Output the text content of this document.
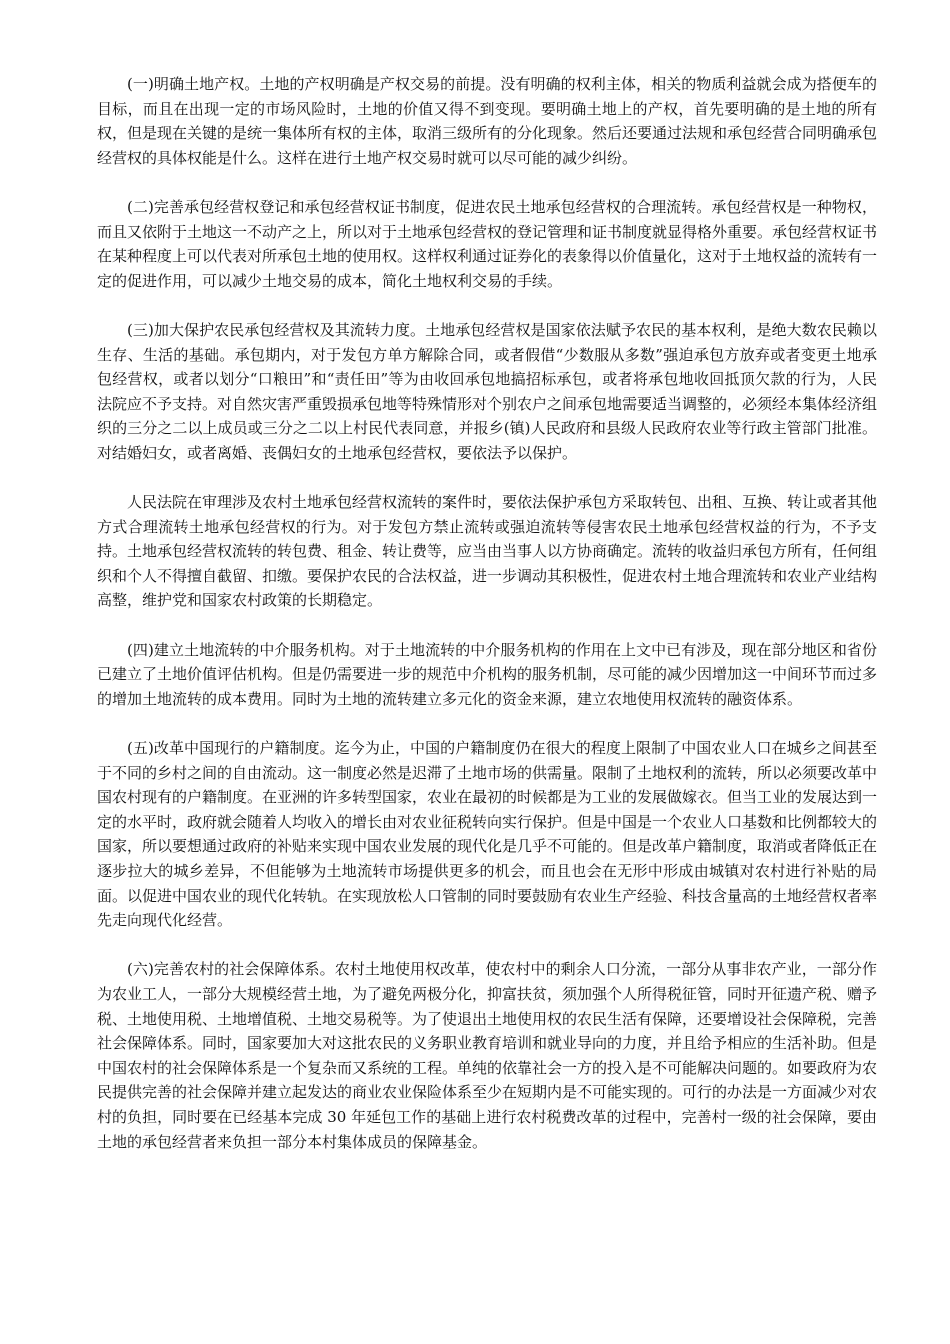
(一)明确土地产权。土地的产权明确是产权交易的前提。没有明确的权利主体，相关的物质利益就会成为搭便车的目标，而且在出现一定的市场风险时，土地的价值又得不到变现。要明确土地上的产权，首先要明确的是土地的所有权，但是现在关键的是统一集体所有权的主体，取消三级所有的分化现象。然后还要通过法规和承包经营合同明确承包经营权的具体权能是什么。这样在进行土地产权交易时就可以尽可能的减少纠纷。

(二)完善承包经营权登记和承包经营权证书制度，促进农民土地承包经营权的合理流转。承包经营权是一种物权，而且又依附于土地这一不动产之上，所以对于土地承包经营权的登记管理和证书制度就显得格外重要。承包经营权证书在某种程度上可以代表对所承包土地的使用权。这样权利通过证券化的表象得以价值量化，这对于土地权益的流转有一定的促进作用，可以减少土地交易的成本，简化土地权利交易的手续。

(三)加大保护农民承包经营权及其流转力度。土地承包经营权是国家依法赋予农民的基本权利，是绝大数农民赖以生存、生活的基础。承包期内，对于发包方单方解除合同，或者假借“少数服从多数”强迫承包方放弃或者变更土地承包经营权，或者以划分“口粮田”和“责任田”等为由收回承包地搞招标承包，或者将承包地收回抵顶欠款的行为，人民法院应不予支持。对自然灾害严重毁损承包地等特殊情形对个别农户之间承包地需要适当调整的，必须经本集体经济组织的三分之二以上成员或三分之二以上村民代表同意，并报乡(镇)人民政府和县级人民政府农业等行政主管部门批准。对结婚妇女，或者离婚、丧偶妇女的土地承包经营权，要依法予以保护。

人民法院在审理涉及农村土地承包经营权流转的案件时，要依法保护承包方采取转包、出租、互换、转让或者其他方式合理流转土地承包经营权的行为。对于发包方禁止流转或强迫流转等侵害农民土地承包经营权益的行为，不予支持。土地承包经营权流转的转包费、租金、转让费等，应当由当事人以方协商确定。流转的收益归承包方所有，任何组织和个人不得擅自截留、扣缴。要保护农民的合法权益，进一步调动其积极性，促进农村土地合理流转和农业产业结构高整，维护党和国家农村政策的长期稳定。

(四)建立土地流转的中介服务机构。对于土地流转的中介服务机构的作用在上文中已有涉及，现在部分地区和省份已建立了土地价值评估机构。但是仍需要进一步的规范中介机构的服务机制，尽可能的减少因增加这一中间环节而过多的增加土地流转的成本费用。同时为土地的流转建立多元化的资金来源，建立农地使用权流转的融资体系。

(五)改革中国现行的户籍制度。迄今为止，中国的户籍制度仍在很大的程度上限制了中国农业人口在城乡之间甚至于不同的乡村之间的自由流动。这一制度必然是迟滞了土地市场的供需量。限制了土地权利的流转，所以必须要改革中国农村现有的户籍制度。在亚洲的许多转型国家，农业在最初的时候都是为工业的发展做嫁衣。但当工业的发展达到一定的水平时，政府就会随着人均收入的增长由对农业征税转向实行保护。但是中国是一个农业人口基数和比例都较大的国家，所以要想通过政府的补贴来实现中国农业发展的现代化是几乎不可能的。但是改革户籍制度，取消或者降低正在逐步拉大的城乡差异，不但能够为土地流转市场提供更多的机会，而且也会在无形中形成由城镇对农村进行补贴的局面。以促进中国农业的现代化转轨。在实现放松人口管制的同时要鼓励有农业生产经验、科技含量高的土地经营权者率先走向现代化经营。

(六)完善农村的社会保障体系。农村土地使用权改革，使农村中的剩余人口分流，一部分从事非农产业，一部分作为农业工人，一部分大规模经营土地，为了避免两极分化，抑富扶贫，须加强个人所得税征管，同时开征遗产税、赠予税、土地使用税、土地增值税、土地交易税等。为了使退出土地使用权的农民生活有保障，还要增设社会保障税，完善社会保障体系。同时，国家要加大对这批农民的义务职业教育培训和就业导向的力度，并且给予相应的生活补助。但是中国农村的社会保障体系是一个复杂而又系统的工程。单纯的依靠社会一方的投入是不可能解决问题的。如要政府为农民提供完善的社会保障并建立起发达的商业农业保险体系至少在短期内是不可能实现的。可行的办法是一方面减少对农村的负担，同时要在已经基本完成 30 年延包工作的基础上进行农村税费改革的过程中，完善村一级的社会保障，要由土地的承包经营者来负担一部分本村集体成员的保障基金。
